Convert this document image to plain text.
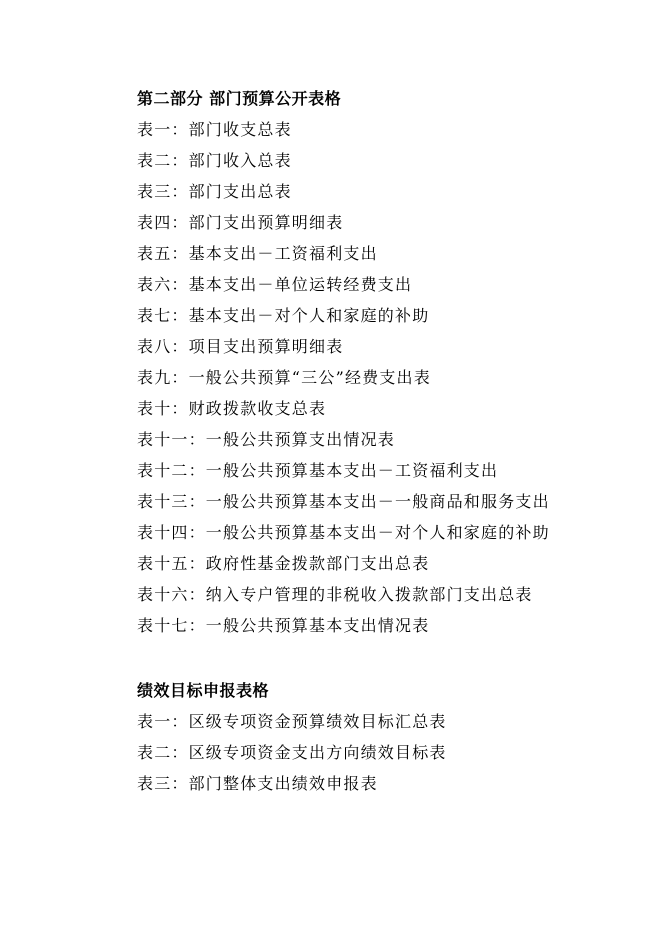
第二部分 部门预算公开表格
表一：部门收支总表
表二：部门收入总表
表三：部门支出总表
表四：部门支出预算明细表
表五：基本支出－工资福利支出
表六：基本支出－单位运转经费支出
表七：基本支出－对个人和家庭的补助
表八：项目支出预算明细表
表九：一般公共预算“三公”经费支出表
表十：财政拨款收支总表
表十一：一般公共预算支出情况表
表十二：一般公共预算基本支出－工资福利支出
表十三：一般公共预算基本支出－一般商品和服务支出
表十四：一般公共预算基本支出－对个人和家庭的补助
表十五：政府性基金拨款部门支出总表
表十六：纳入专户管理的非税收入拨款部门支出总表
表十七：一般公共预算基本支出情况表
绩效目标申报表格
表一：区级专项资金预算绩效目标汇总表
表二：区级专项资金支出方向绩效目标表
表三：部门整体支出绩效申报表
